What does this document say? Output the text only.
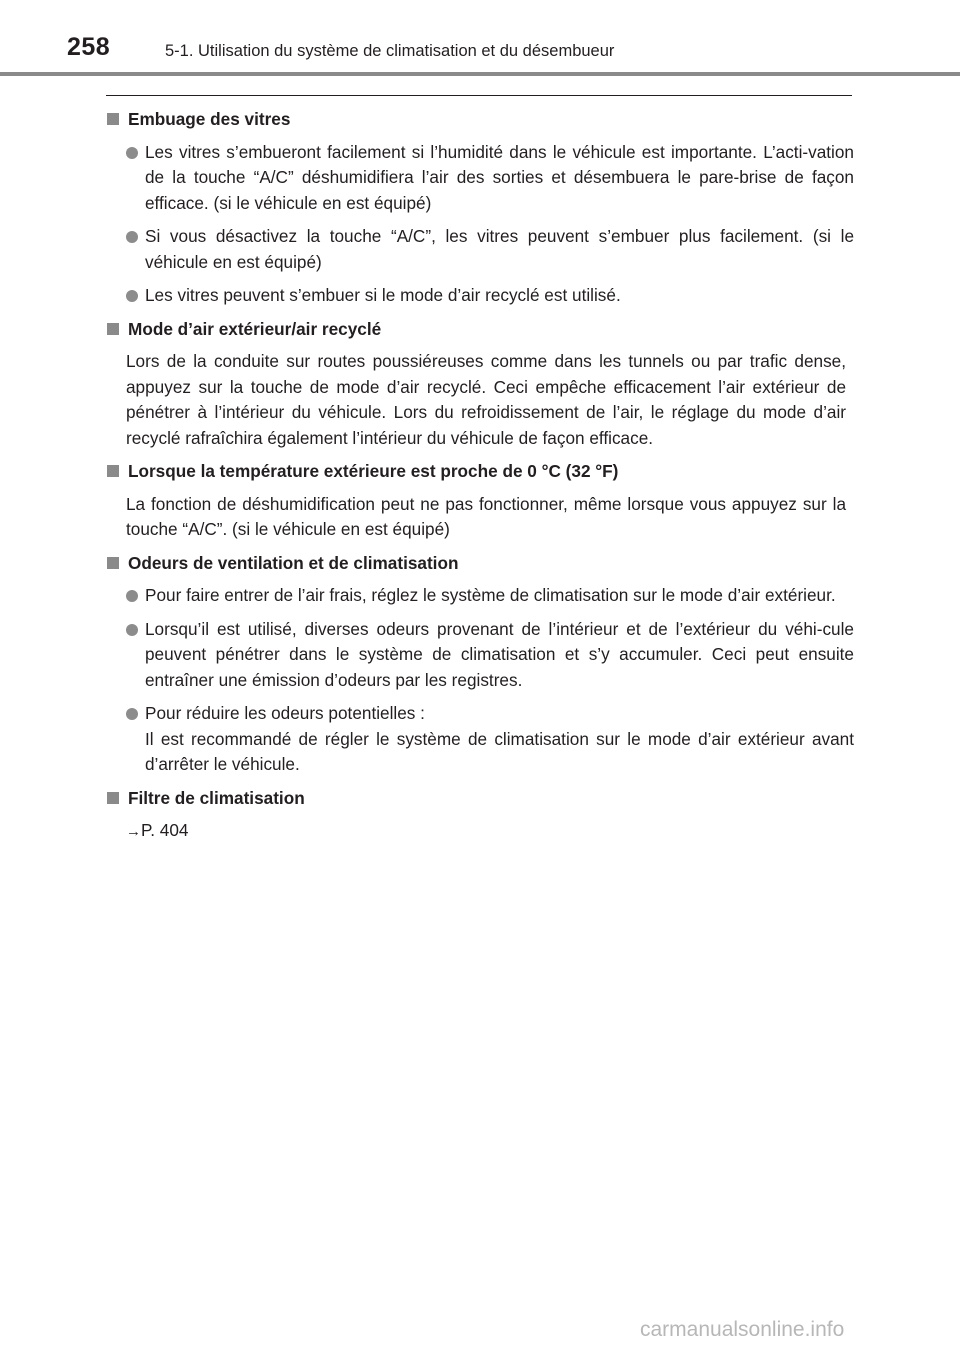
258	5-1. Utilisation du système de climatisation et du désembueur
Embuage des vitres
Les vitres s’embueront facilement si l’humidité dans le véhicule est importante. L’acti-vation de la touche “A/C” déshumidifiera l’air des sorties et désembuera le pare-brise de façon efficace. (si le véhicule en est équipé)
Si vous désactivez la touche “A/C”, les vitres peuvent s’embuer plus facilement. (si le véhicule en est équipé)
Les vitres peuvent s’embuer si le mode d’air recyclé est utilisé.
Mode d’air extérieur/air recyclé
Lors de la conduite sur routes poussiéreuses comme dans les tunnels ou par trafic dense, appuyez sur la touche de mode d’air recyclé. Ceci empêche efficacement l’air extérieur de pénétrer à l’intérieur du véhicule. Lors du refroidissement de l’air, le réglage du mode d’air recyclé rafraîchira également l’intérieur du véhicule de façon efficace.
Lorsque la température extérieure est proche de 0 °C (32 °F)
La fonction de déshumidification peut ne pas fonctionner, même lorsque vous appuyez sur la touche “A/C”. (si le véhicule en est équipé)
Odeurs de ventilation et de climatisation
Pour faire entrer de l’air frais, réglez le système de climatisation sur le mode d’air extérieur.
Lorsqu’il est utilisé, diverses odeurs provenant de l’intérieur et de l’extérieur du véhi-cule peuvent pénétrer dans le système de climatisation et s’y accumuler. Ceci peut ensuite entraîner une émission d’odeurs par les registres.
Pour réduire les odeurs potentielles :
Il est recommandé de régler le système de climatisation sur le mode d’air extérieur avant d’arrêter le véhicule.
Filtre de climatisation
→P. 404
carmanualsonline.info
